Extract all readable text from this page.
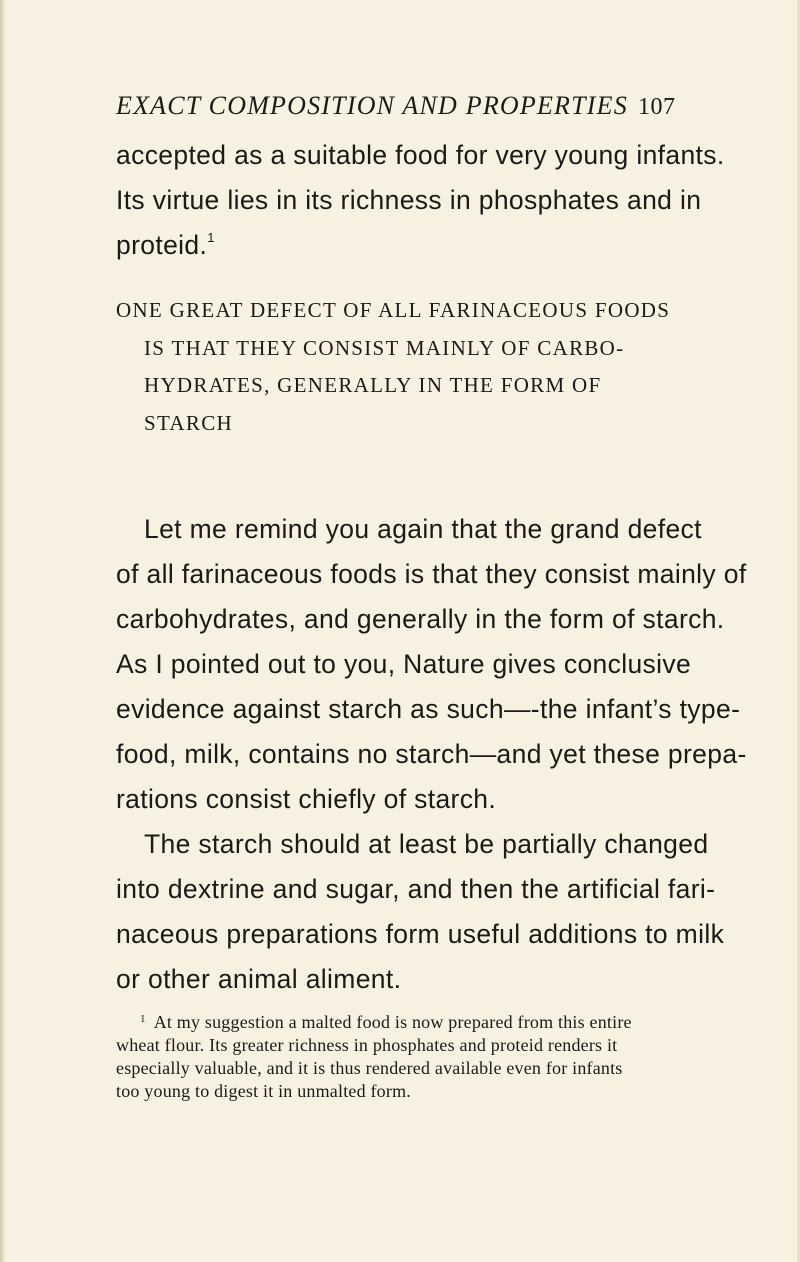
EXACT COMPOSITION AND PROPERTIES 107
accepted as a suitable food for very young infants.
Its virtue lies in its richness in phosphates and in
proteid.$^1$
ONE GREAT DEFECT OF ALL FARINACEOUS FOODS
IS THAT THEY CONSIST MAINLY OF CARBO-
HYDRATES, GENERALLY IN THE FORM OF
STARCH
Let me remind you again that the grand defect
of all farinaceous foods is that they consist mainly of
carbohydrates, and generally in the form of starch.
As I pointed out to you, Nature gives conclusive
evidence against starch as such—-the infant’s type-
food, milk, contains no starch—and yet these prepa-
rations consist chiefly of starch.
The starch should at least be partially changed
into dextrine and sugar, and then the artificial fari-
naceous preparations form useful additions to milk
or other animal aliment.
$^1$ At my suggestion a malted food is now prepared from this entire
wheat flour. Its greater richness in phosphates and proteid renders it
especially valuable, and it is thus rendered available even for infants
too young to digest it in unmalted form.
